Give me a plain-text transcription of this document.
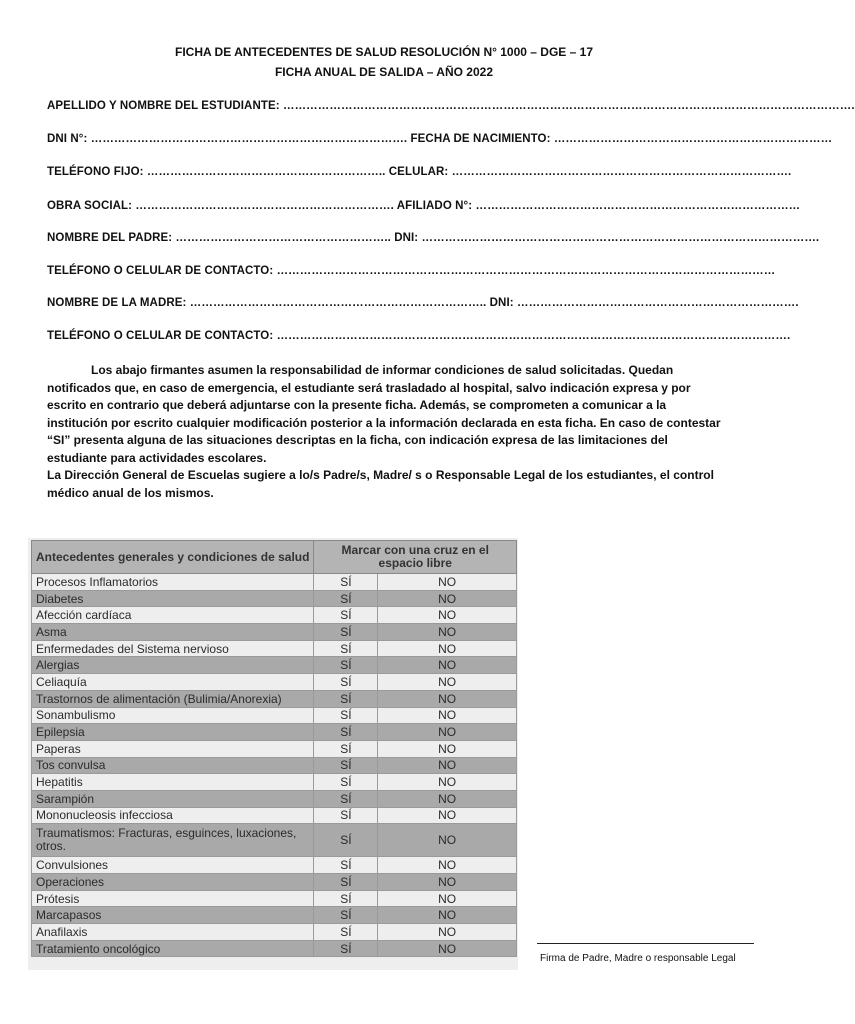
FICHA DE ANTECEDENTES DE SALUD RESOLUCIÓN N° 1000 – DGE – 17
FICHA ANUAL DE SALIDA – AÑO 2022
APELLIDO Y NOMBRE DEL ESTUDIANTE: ………………………………………………………………………………………………………………………………….
DNI N°: ………………………………………………………………………. FECHA DE NACIMIENTO: ………………………………………………………………
TELÉFONO FIJO: …………………………………………………….. CELULAR: …………………………………………………………………………….
OBRA SOCIAL: …………………………………………………………. AFILIADO N°: …………………………………………………………………………
NOMBRE DEL PADRE: ……………………………………………….. DNI: ………………………………………………………………………………………….
TELÉFONO O CELULAR DE CONTACTO: …………………………………………………………………………………………………………………
NOMBRE DE LA MADRE: ………………………………………………………………….. DNI: ……………………………………………………………….
TELÉFONO O CELULAR DE CONTACTO: …………………………………………………………………………………………………………………….

Los abajo firmantes asumen la responsabilidad de informar condiciones de salud solicitadas. Quedan notificados que, en caso de emergencia, el estudiante será trasladado al hospital, salvo indicación expresa y por escrito en contrario que deberá adjuntarse con la presente ficha. Además, se comprometen a comunicar a la institución por escrito cualquier modificación posterior a la información declarada en esta ficha. En caso de contestar “SI” presenta alguna de las situaciones descriptas en la ficha, con indicación expresa de las limitaciones del estudiante para actividades escolares.

La Dirección General de Escuelas sugiere a lo/s Padre/s, Madre/ s o Responsable Legal de los estudiantes, el control médico anual de los mismos.

Antecedentes generales y condiciones de salud	Marcar con una cruz en el espacio libre	
Procesos Inflamatorios	SÍ	NO
Diabetes	SÍ	NO
Afección cardíaca	SÍ	NO
Asma	SÍ	NO
Enfermedades del Sistema nervioso	SÍ	NO
Alergias	SÍ	NO
Celiaquía	SÍ	NO
Trastornos de alimentación (Bulimia/Anorexia)	SÍ	NO
Sonambulismo	SÍ	NO
Epilepsia	SÍ	NO
Paperas	SÍ	NO
Tos convulsa	SÍ	NO
Hepatitis	SÍ	NO
Sarampión	SÍ	NO
Mononucleosis infecciosa	SÍ	NO
Traumatismos: Fracturas, esguinces, luxaciones, otros.	SÍ	NO
Convulsiones	SÍ	NO
Operaciones	SÍ	NO
Prótesis	SÍ	NO
Marcapasos	SÍ	NO
Anafilaxis	SÍ	NO
Tratamiento oncológico	SÍ	NO
Firma de Padre, Madre o responsable Legal
